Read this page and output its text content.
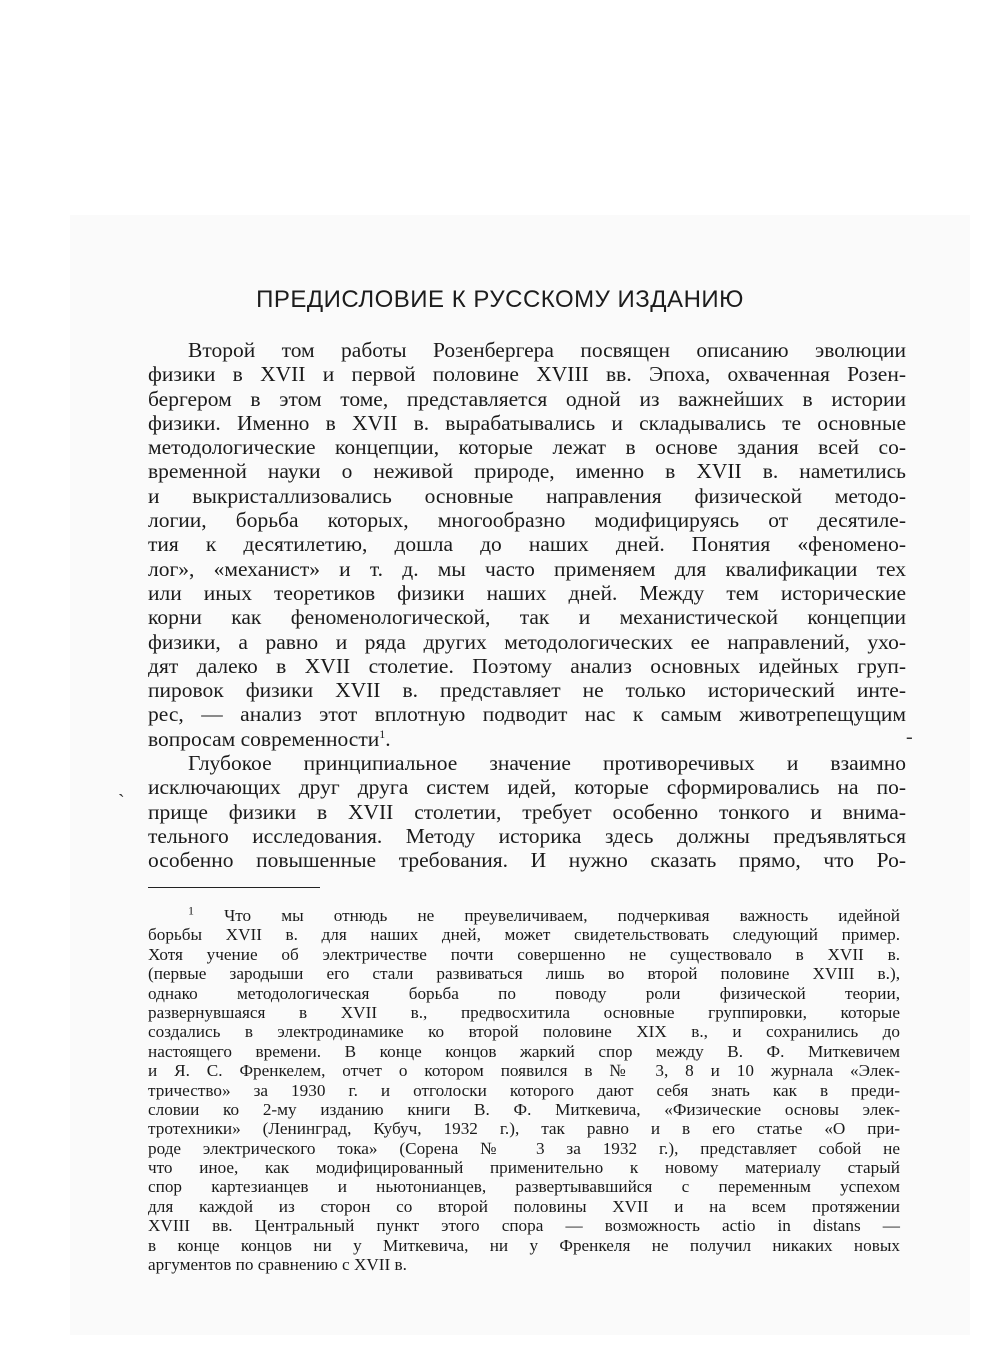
ПРЕДИСЛОВИЕ К РУССКОМУ ИЗДАНИЮ
Второй том работы Розенбергера посвящен описанию эволюции
физики в XVII и первой половине XVIII вв. Эпоха, охваченная Розен-
бергером в этом томе, представляется одной из важнейших в истории
физики. Именно в XVII в. вырабатывались и складывались те основные
методологические концепции, которые лежат в основе здания всей со-
временной науки о неживой природе, именно в XVII в. наметились
и выкристаллизовались основные направления физической методо-
логии, борьба которых, многообразно модифицируясь от десятиле-
тия к десятилетию, дошла до наших дней. Понятия «феномено-
лог», «механист» и т. д. мы часто применяем для квалификации тех
или иных теоретиков физики наших дней. Между тем исторические
корни как феноменологической, так и механистической концепции
физики, а равно и ряда других методологических ее направлений, ухо-
дят далеко в XVII столетие. Поэтому анализ основных идейных груп-
пировок физики XVII в. представляет не только исторический инте-
рес, — анализ этот вплотную подводит нас к самым животрепещущим
вопросам современности$^1$.
Глубокое принципиальное значение противоречивых и взаимно
исключающих друг друга систем идей, которые сформировались на по-
прище физики в XVII столетии, требует особенно тонкого и внима-
тельного исследования. Методу историка здесь должны предъявляться
особенно повышенные требования. И нужно сказать прямо, что Ро-
$^1$ Что мы отнюдь не преувеличиваем, подчеркивая важность идейной
борьбы XVII в. для наших дней, может свидетельствовать следующий пример.
Хотя учение об электричестве почти совершенно не существовало в XVII в.
(первые зародыши его стали развиваться лишь во второй половине XVIII в.),
однако методологическая борьба по поводу роли физической теории,
развернувшаяся в XVII в., предвосхитила основные группировки, которые
создались в электродинамике ко второй половине XIX в., и сохранились до
настоящего времени. В конце концов жаркий спор между В. Ф. Миткевичем
и Я. С. Френкелем, отчет о котором появился в № 3, 8 и 10 журнала «Элек-
тричество» за 1930 г. и отголоски которого дают себя знать как в преди-
словии ко 2-му изданию книги В. Ф. Миткевича, «Физические основы элек-
тротехники» (Ленинград, Кубуч, 1932 г.), так равно и в его статье «О при-
роде электрического тока» (Сорена № 3 за 1932 г.), представляет собой не
что иное, как модифицированный применительно к новому материалу старый
спор картезианцев и ньютонианцев, развертывавшийся с переменным успехом
для каждой из сторон со второй половины XVII и на всем протяжении
XVIII вв. Центральный пункт этого спора — возможность actio in distans —
в конце концов ни у Миткевича, ни у Френкеля не получил никаких новых
аргументов по сравнению с XVII в.
-
˴
